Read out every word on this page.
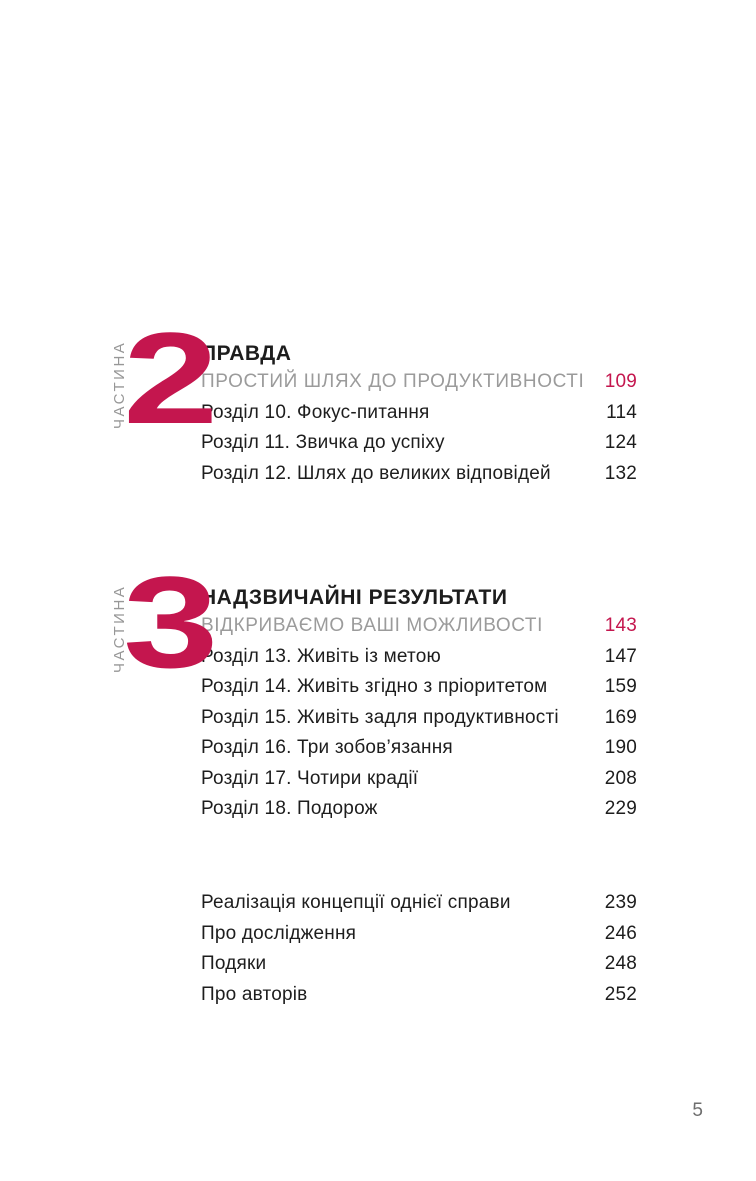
ЧАСТИНА
2
ПРАВДА
ПРОСТИЙ ШЛЯХ ДО ПРОДУКТИВНОСТІ	109
Розділ 10. Фокус-питання	114
Розділ 11. Звичка до успіху	124
Розділ 12. Шлях до великих відповідей	132
ЧАСТИНА
3
НАДЗВИЧАЙНІ РЕЗУЛЬТАТИ
ВІДКРИВАЄМО ВАШІ МОЖЛИВОСТІ	143
Розділ 13. Живіть із метою	147
Розділ 14. Живіть згідно з пріоритетом	159
Розділ 15. Живіть задля продуктивності	169
Розділ 16. Три зобов’язання	190
Розділ 17. Чотири крадії	208
Розділ 18. Подорож	229
Реалізація концепції однієї справи	239
Про дослідження	246
Подяки	248
Про авторів	252
5
